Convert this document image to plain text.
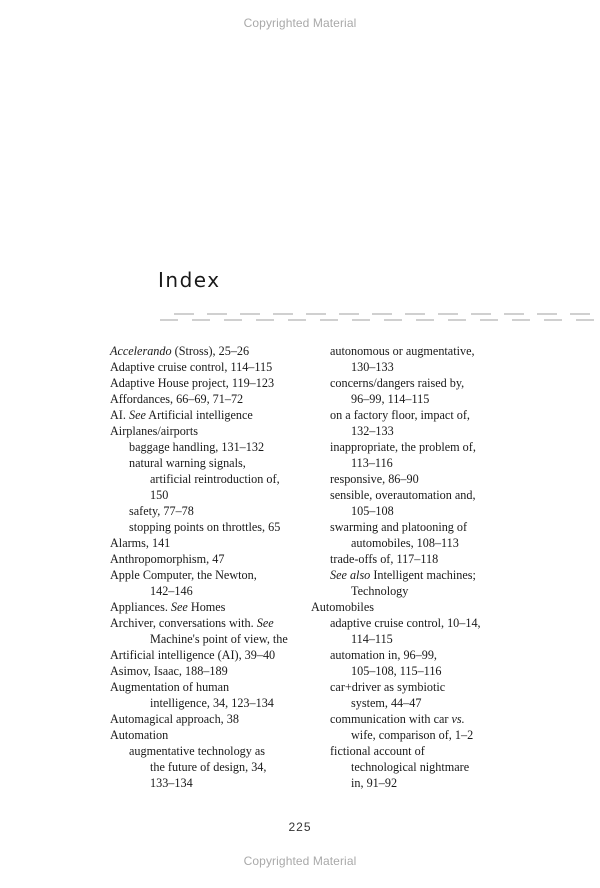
Copyrighted Material
Index
Accelerando (Stross), 25–26
Adaptive cruise control, 114–115
Adaptive House project, 119–123
Affordances, 66–69, 71–72
AI. See Artificial intelligence
Airplanes/airports
baggage handling, 131–132
natural warning signals,
artificial reintroduction of,
150
safety, 77–78
stopping points on throttles, 65
Alarms, 141
Anthropomorphism, 47
Apple Computer, the Newton,
142–146
Appliances. See Homes
Archiver, conversations with. See
Machine's point of view, the
Artificial intelligence (AI), 39–40
Asimov, Isaac, 188–189
Augmentation of human
intelligence, 34, 123–134
Automagical approach, 38
Automation
augmentative technology as
the future of design, 34,
133–134
autonomous or augmentative,
130–133
concerns/dangers raised by,
96–99, 114–115
on a factory floor, impact of,
132–133
inappropriate, the problem of,
113–116
responsive, 86–90
sensible, overautomation and,
105–108
swarming and platooning of
automobiles, 108–113
trade-offs of, 117–118
See also Intelligent machines;
Technology
Automobiles
adaptive cruise control, 10–14,
114–115
automation in, 96–99,
105–108, 115–116
car+driver as symbiotic
system, 44–47
communication with car vs.
wife, comparison of, 1–2
fictional account of
technological nightmare
in, 91–92
225
Copyrighted Material
